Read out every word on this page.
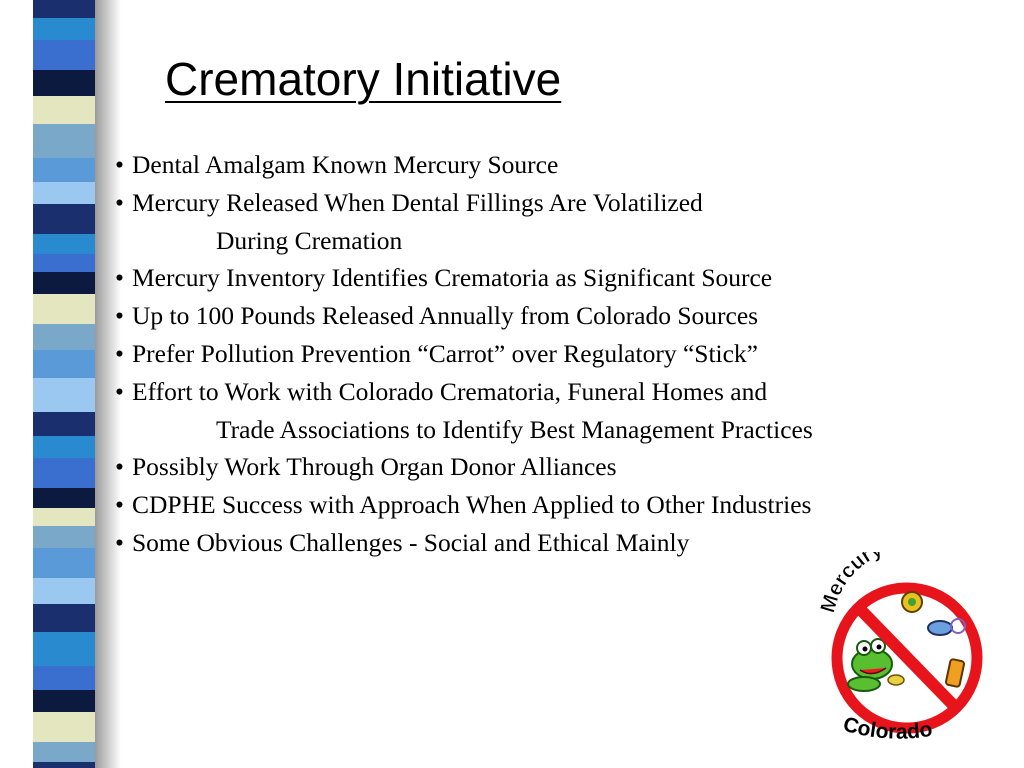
Crematory Initiative
• Dental Amalgam Known Mercury Source
• Mercury Released When Dental Fillings Are Volatilized
During Cremation
• Mercury Inventory Identifies Crematoria as Significant Source
• Up to 100 Pounds Released Annually from Colorado Sources
• Prefer Pollution Prevention “Carrot” over Regulatory “Stick”
• Effort to Work with Colorado Crematoria, Funeral Homes and
Trade Associations to Identify Best Management Practices
• Possibly Work Through Organ Donor Alliances
• CDPHE Success with Approach When Applied to Other Industries
• Some Obvious Challenges - Social and Ethical Mainly
Mercur
Colorado
